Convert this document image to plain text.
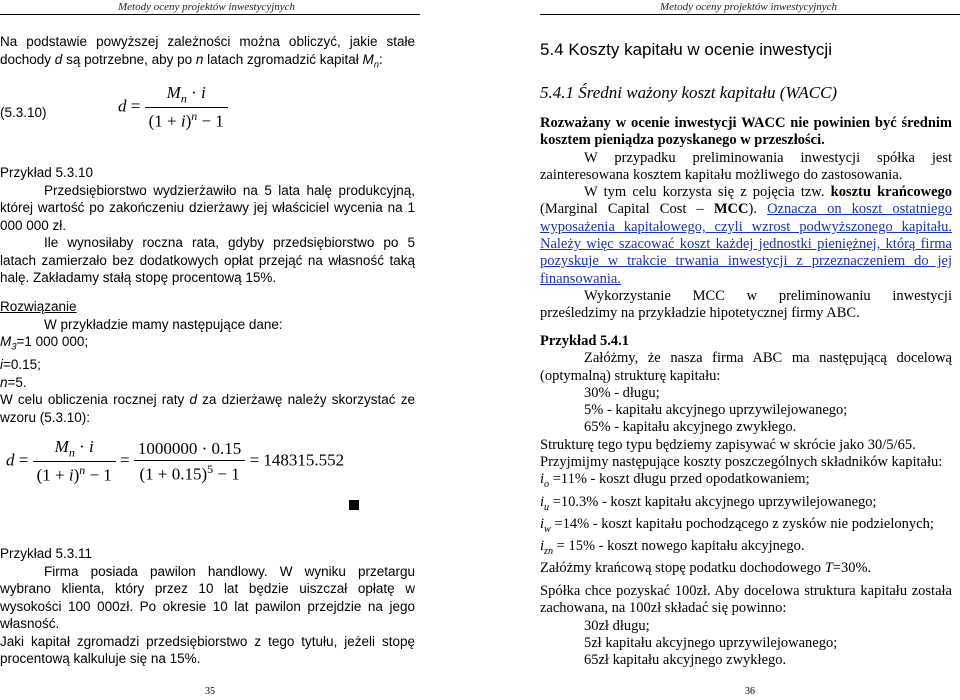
Metody oceny projektów inwestycyjnych	Metody oceny projektów inwestycyjnych

Na podstawie powyższej zależności można obliczyć, jakie stałe dochody d są potrzebne, aby po n latach zgromadzić kapitał $M_n$:

(5.3.10)	$d = \frac{M_n \cdot i}{(1 + i)^n - 1}$

Przykład 5.3.10

Przedsiębiorstwo wydzierżawiło na 5 lata halę produkcyjną, której wartość po zakończeniu dzierżawy jej właściciel wycenia na 1 000 000 zł.

Ile wynosiłaby roczna rata, gdyby przedsiębiorstwo po 5 latach zamierzało bez dodatkowych opłat przejąć na własność taką halę. Zakładamy stałą stopę procentową 15%.

Rozwiązanie

W przykładzie mamy następujące dane:

$M_3=1$ 000 000;

i=0.15;

n=5.

W celu obliczenia rocznej raty d za dzierżawę należy skorzystać ze wzoru (5.3.10):

$d = \frac{M_n \cdot i}{(1 + i)^n - 1} = \frac{1000000 \cdot 0.15}{(1 + 0.15)^5 - 1} = 148315.552$

Przykład 5.3.11

Firma posiada pawilon handlowy. W wyniku przetargu wybrano klienta, który przez 10 lat będzie uiszczał opłatę w wysokości 100 000zł. Po okresie 10 lat pawilon przejdzie na jego własność.

Jaki kapitał zgromadzi przedsiębiorstwo z tego tytułu, jeżeli stopę procentową kalkuluje się na 15%.

35
5.4 Koszty kapitału w ocenie inwestycji
5.4.1 Średni ważony koszt kapitału (WACC)

Rozważany w ocenie inwestycji WACC nie powinien być średnim kosztem pieniądza pozyskanego w przeszłości.

W przypadku preliminowania inwestycji spółka jest zainteresowana kosztem kapitału możliwego do zastosowania.

W tym celu korzysta się z pojęcia tzw. kosztu krańcowego (Marginal Capital Cost – MCC). Oznacza on koszt ostatniego wyposażenia kapitałowego, czyli wzrost podwyższonego kapitału. Należy więc szacować koszt każdej jednostki pieniężnej, którą firma pozyskuje w trakcie trwania inwestycji z przeznaczeniem do jej finansowania.

Wykorzystanie MCC w preliminowaniu inwestycji prześledzimy na przykładzie hipotetycznej firmy ABC.

Przykład 5.4.1

Załóżmy, że nasza firma ABC ma następującą docelową (optymalną) strukturę kapitału:

30% - długu;

5% - kapitału akcyjnego uprzywilejowanego;

65% - kapitału akcyjnego zwykłego.

Strukturę tego typu będziemy zapisywać w skrócie jako 30/5/65.

Przyjmijmy następujące koszty poszczególnych składników kapitału:

$i_o =11\%$ - koszt długu przed opodatkowaniem;

$i_u =10.3\%$ - koszt kapitału akcyjnego uprzywilejowanego;

$i_w =14\%$ - koszt kapitału pochodzącego z zysków nie podzielonych;

$i_{zn} = 15\%$ - koszt nowego kapitału akcyjnego.

Załóżmy krańcową stopę podatku dochodowego T=30%.

Spółka chce pozyskać 100zł. Aby docelowa struktura kapitału została zachowana, na 100zł składać się powinno:

30zł długu;

5zł kapitału akcyjnego uprzywilejowanego;

65zł kapitału akcyjnego zwykłego.

36
